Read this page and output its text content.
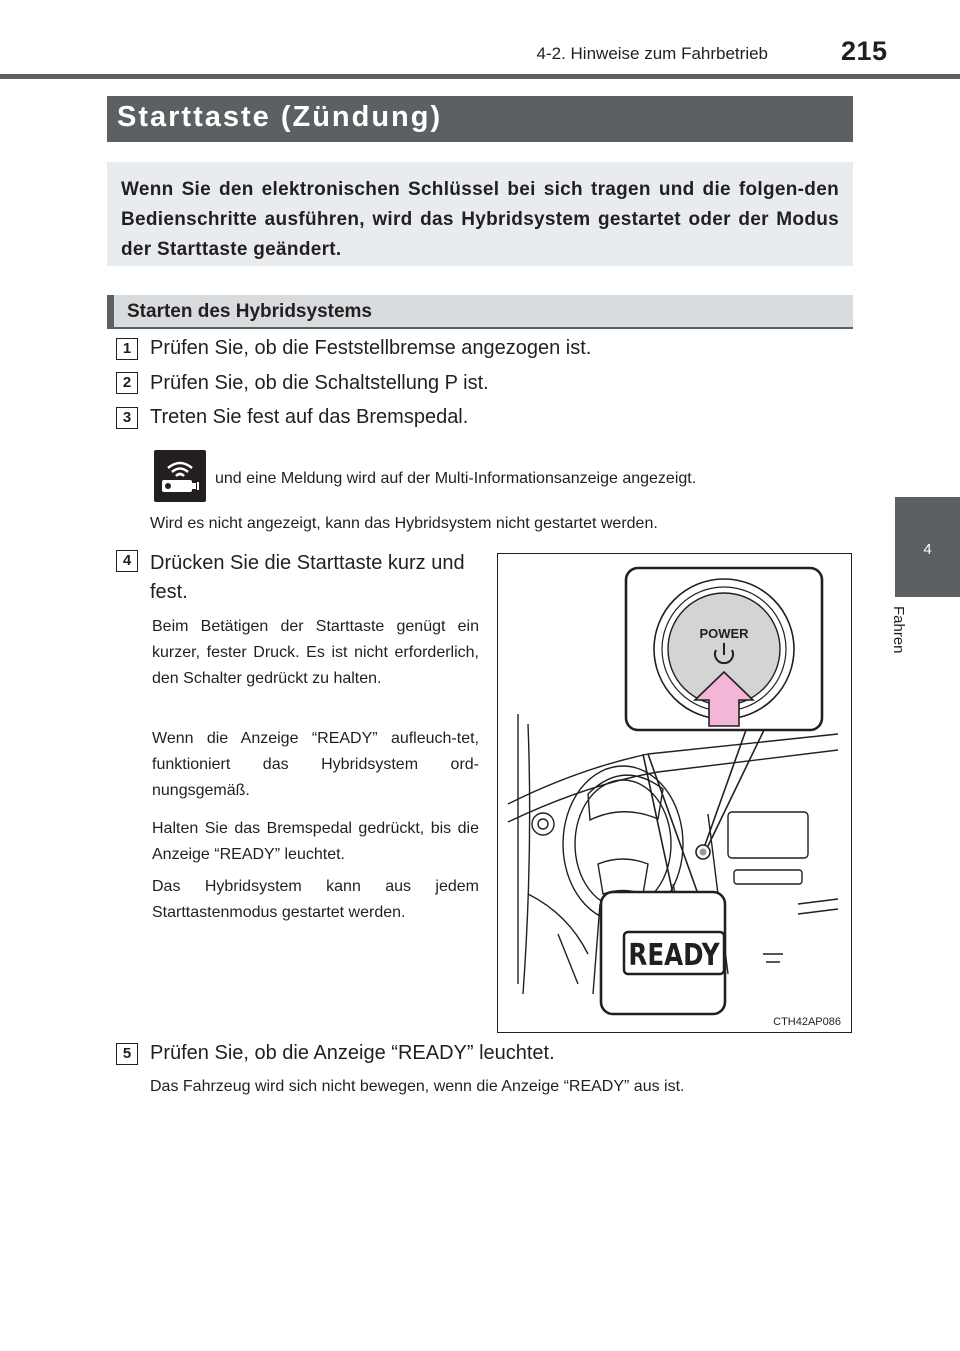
4-2. Hinweise zum Fahrbetrieb	215
4
Fahren
Starttaste (Zündung)
Wenn Sie den elektronischen Schlüssel bei sich tragen und die folgen-den Bedienschritte ausführen, wird das Hybridsystem gestartet oder der Modus der Starttaste geändert.
Starten des Hybridsystems
1 Prüfen Sie, ob die Feststellbremse angezogen ist.
2 Prüfen Sie, ob die Schaltstellung P ist.
3 Treten Sie fest auf das Bremspedal.
und eine Meldung wird auf der Multi-Informationsanzeige angezeigt.
Wird es nicht angezeigt, kann das Hybridsystem nicht gestartet werden.
4 Drücken Sie die Starttaste kurz und fest.
Beim Betätigen der Starttaste genügt ein kurzer, fester Druck. Es ist nicht erforderlich, den Schalter gedrückt zu halten.
Wenn die Anzeige “READY” aufleuch-tet, funktioniert das Hybridsystem ord-nungsgemäß.
Halten Sie das Bremspedal gedrückt, bis die Anzeige “READY” leuchtet.
Das Hybridsystem kann aus jedem Starttastenmodus gestartet werden.
POWER
READY
CTH42AP086
5 Prüfen Sie, ob die Anzeige “READY” leuchtet.
Das Fahrzeug wird sich nicht bewegen, wenn die Anzeige “READY” aus ist.
